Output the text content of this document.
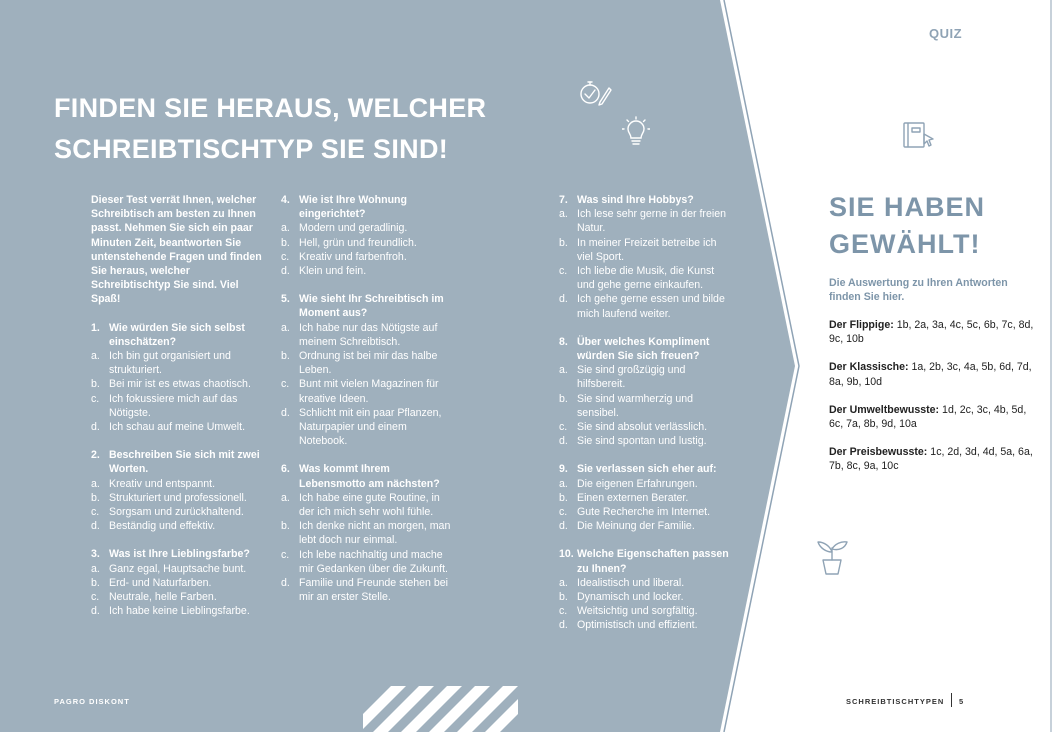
FINDEN SIE HERAUS, WELCHER
SCHREIBTISCHTYP SIE SIND!

Dieser Test verrät Ihnen, welcher Schreibtisch am besten zu Ihnen passt. Nehmen Sie sich ein paar Minuten Zeit, beantworten Sie untenstehende Fragen und finden Sie heraus, welcher Schreibtischtyp Sie sind. Viel Spaß!

1. Wie würden Sie sich selbst einschätzen?
a. Ich bin gut organisiert und strukturiert.
b. Bei mir ist es etwas chaotisch.
c. Ich fokussiere mich auf das Nötigste.
d. Ich schau auf meine Umwelt.
2. Beschreiben Sie sich mit zwei Worten.
a. Kreativ und entspannt.
b. Strukturiert und professionell.
c. Sorgsam und zurückhaltend.
d. Beständig und effektiv.
3. Was ist Ihre Lieblingsfarbe?
a. Ganz egal, Hauptsache bunt.
b. Erd- und Naturfarben.
c. Neutrale, helle Farben.
d. Ich habe keine Lieblingsfarbe.
4. Wie ist Ihre Wohnung eingerichtet?
a. Modern und geradlinig.
b. Hell, grün und freundlich.
c. Kreativ und farbenfroh.
d. Klein und fein.
5. Wie sieht Ihr Schreibtisch im Moment aus?
a. Ich habe nur das Nötigste auf meinem Schreibtisch.
b. Ordnung ist bei mir das halbe Leben.
c. Bunt mit vielen Magazinen für kreative Ideen.
d. Schlicht mit ein paar Pflanzen, Naturpapier und einem Notebook.
6. Was kommt Ihrem Lebensmotto am nächsten?
a. Ich habe eine gute Routine, in der ich mich sehr wohl fühle.
b. Ich denke nicht an morgen, man lebt doch nur einmal.
c. Ich lebe nachhaltig und mache mir Gedanken über die Zukunft.
d. Familie und Freunde stehen bei mir an erster Stelle.
7. Was sind Ihre Hobbys?
a. Ich lese sehr gerne in der freien Natur.
b. In meiner Freizeit betreibe ich viel Sport.
c. Ich liebe die Musik, die Kunst und gehe gerne einkaufen.
d. Ich gehe gerne essen und bilde mich laufend weiter.
8. Über welches Kompliment würden Sie sich freuen?
a. Sie sind großzügig und hilfsbereit.
b. Sie sind warmherzig und sensibel.
c. Sie sind absolut verlässlich.
d. Sie sind spontan und lustig.
9. Sie verlassen sich eher auf:
a. Die eigenen Erfahrungen.
b. Einen externen Berater.
c. Gute Recherche im Internet.
d. Die Meinung der Familie.
10. Welche Eigenschaften passen zu Ihnen?
a. Idealistisch und liberal.
b. Dynamisch und locker.
c. Weitsichtig und sorgfältig.
d. Optimistisch und effizient.
QUIZ
SIE HABEN
GEWÄHLT!
Die Auswertung zu Ihren Antworten finden Sie hier.
Der Flippige: 1b, 2a, 3a, 4c, 5c, 6b, 7c, 8d, 9c, 10b
Der Klassische: 1a, 2b, 3c, 4a, 5b, 6d, 7d, 8a, 9b, 10d
Der Umweltbewusste: 1d, 2c, 3c, 4b, 5d, 6c, 7a, 8b, 9d, 10a
Der Preisbewusste: 1c, 2d, 3d, 4d, 5a, 6a, 7b, 8c, 9a, 10c
PAGRO DISKONT	SCHREIBTISCHTYPEN 5
